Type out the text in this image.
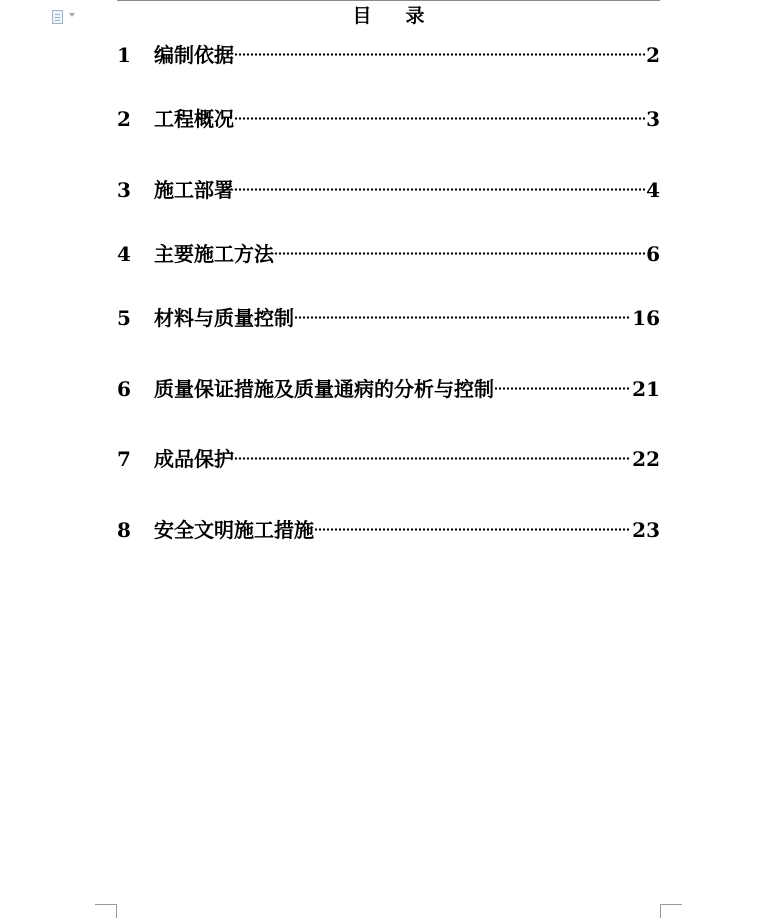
目 录
1	编制依据	2
2	工程概况	3
3	施工部署	4
4	主要施工方法	6
5	材料与质量控制	16
6	质量保证措施及质量通病的分析与控制	21
7	成品保护	22
8	安全文明施工措施	23
